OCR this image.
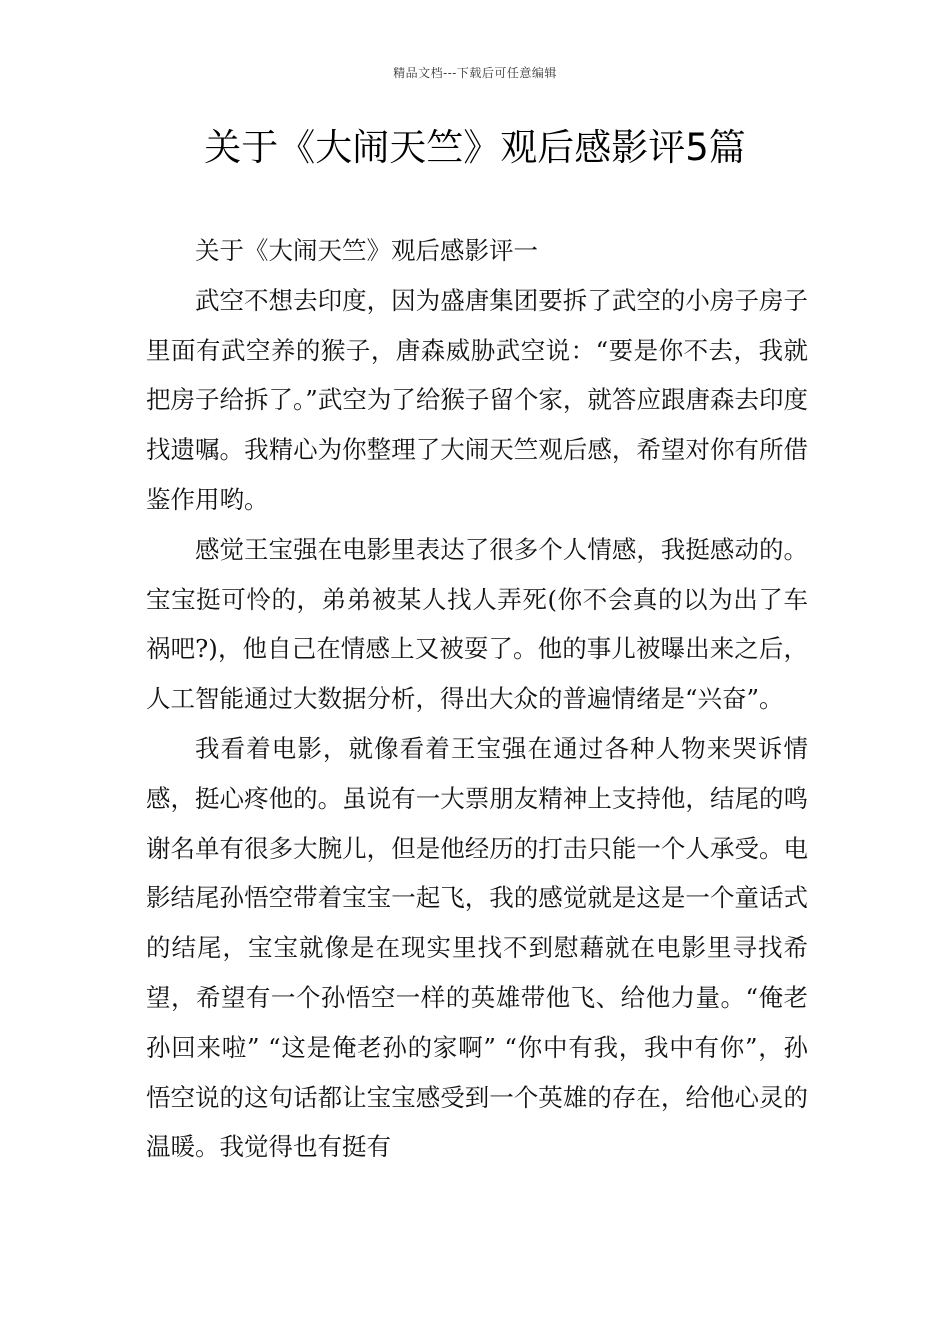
精品文档---下载后可任意编辑
关于《大闹天竺》观后感影评5篇

关于《大闹天竺》观后感影评一

武空不想去印度，因为盛唐集团要拆了武空的小房子房子里面有武空养的猴子，唐森威胁武空说：“要是你不去，我就把房子给拆了。”武空为了给猴子留个家，就答应跟唐森去印度找遗嘱。我精心为你整理了大闹天竺观后感，希望对你有所借鉴作用哟。

感觉王宝强在电影里表达了很多个人情感，我挺感动的。宝宝挺可怜的，弟弟被某人找人弄死(你不会真的以为出了车祸吧?)，他自己在情感上又被耍了。他的事儿被曝出来之后，人工智能通过大数据分析，得出大众的普遍情绪是“兴奋”。

我看着电影，就像看着王宝强在通过各种人物来哭诉情感，挺心疼他的。虽说有一大票朋友精神上支持他，结尾的鸣谢名单有很多大腕儿，但是他经历的打击只能一个人承受。电影结尾孙悟空带着宝宝一起飞，我的感觉就是这是一个童话式的结尾，宝宝就像是在现实里找不到慰藉就在电影里寻找希望，希望有一个孙悟空一样的英雄带他飞、给他力量。“俺老孙回来啦” “这是俺老孙的家啊” “你中有我，我中有你”，孙悟空说的这句话都让宝宝感受到一个英雄的存在，给他心灵的温暖。我觉得也有挺有
